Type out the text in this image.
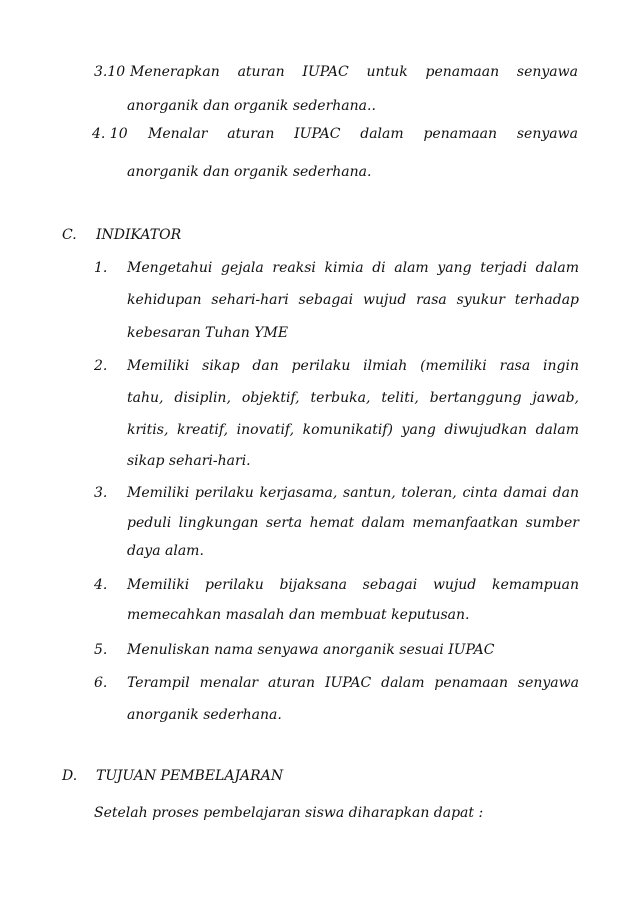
3.10 Menerapkan aturan IUPAC untuk penamaan senyawa
anorganik dan organik sederhana..
4. 10 Menalar aturan IUPAC dalam penamaan senyawa
anorganik dan organik sederhana.
C. INDIKATOR
1. Mengetahui gejala reaksi kimia di alam yang terjadi dalam
kehidupan sehari-hari sebagai wujud rasa syukur terhadap
kebesaran Tuhan YME
2. Memiliki sikap dan perilaku ilmiah (memiliki rasa ingin
tahu, disiplin, objektif, terbuka, teliti, bertanggung jawab,
kritis, kreatif, inovatif, komunikatif) yang diwujudkan dalam
sikap sehari-hari.
3. Memiliki perilaku kerjasama, santun, toleran, cinta damai dan
peduli lingkungan serta hemat dalam memanfaatkan sumber
daya alam.
4. Memiliki perilaku bijaksana sebagai wujud kemampuan
memecahkan masalah dan membuat keputusan.
5. Menuliskan nama senyawa anorganik sesuai IUPAC
6. Terampil menalar aturan IUPAC dalam penamaan senyawa
anorganik sederhana.
D. TUJUAN PEMBELAJARAN
Setelah proses pembelajaran siswa diharapkan dapat :
